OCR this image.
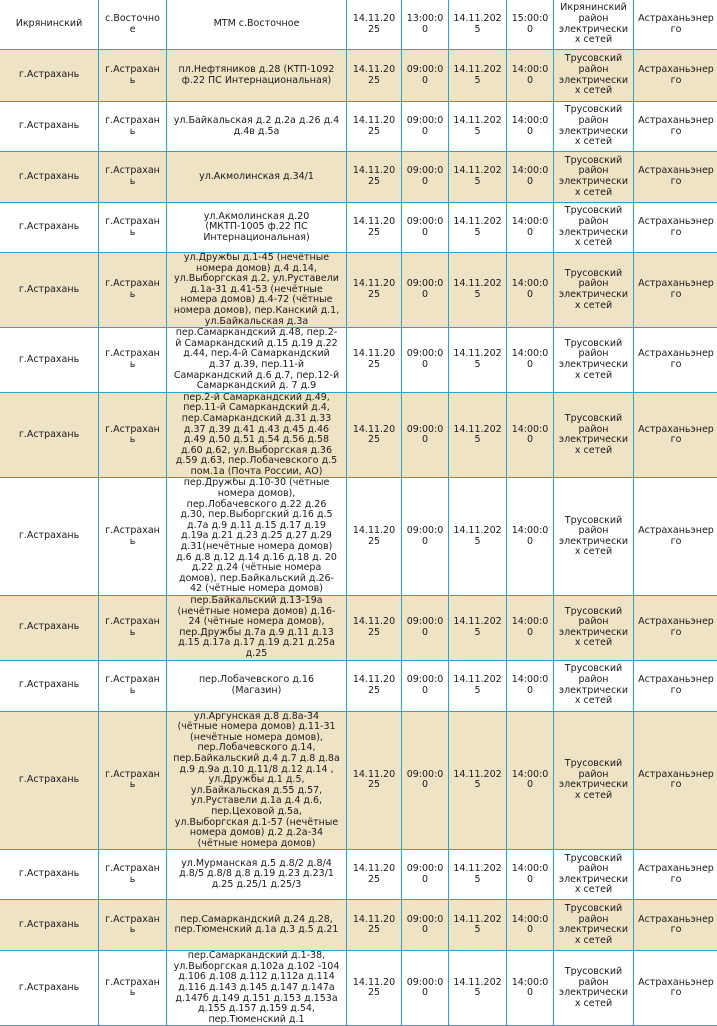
Икрянинский	с.Восточное	МТМ с.Восточное	14.11.2025	13:00:00	14.11.2025	15:00:00	Икрянинский район электрических сетей	Астраханьэнерго
г.Астрахань	г.Астрахань	пл.Нефтяников д.28 (КТП-1092 ф.22 ПС Интернациональная)	14.11.2025	09:00:00	14.11.2025	14:00:00	Трусовский район электрических сетей	Астраханьэнерго
г.Астрахань	г.Астрахань	ул.Байкальская д.2 д.2а д.26 д.4 д.4в д.5а	14.11.2025	09:00:00	14.11.2025	14:00:00	Трусовский район электрических сетей	Астраханьэнерго
г.Астрахань	г.Астрахань	ул.Акмолинская д.34/1	14.11.2025	09:00:00	14.11.2025	14:00:00	Трусовский район электрических сетей	Астраханьэнерго
г.Астрахань	г.Астрахань	ул.Акмолинская д.20 (МКТП-1005 ф.22 ПС Интернациональная)	14.11.2025	09:00:00	14.11.2025	14:00:00	Трусовский район электрических сетей	Астраханьэнерго
г.Астрахань	г.Астрахань	ул.Дружбы д.1-45 (нечётные номера домов) д.4 д.14, ул.Выборгская д.2, ул.Руставели д.1а-31 д.41-53 (нечётные номера домов) д.4-72 (чётные номера домов), пер.Канский д.1, ул.Байкальская д.3а	14.11.2025	09:00:00	14.11.2025	14:00:00	Трусовский район электрических сетей	Астраханьэнерго
г.Астрахань	г.Астрахань	пер.Самаркандский д.48, пер.2-й Самаркандский д.15 д.19 д.22 д.44, пер.4-й Самаркандский д.37 д.39, пер.11-й Самаркандский д.6 д.7, пер.12-й Самаркандский д. 7 д.9	14.11.2025	09:00:00	14.11.2025	14:00:00	Трусовский район электрических сетей	Астраханьэнерго
г.Астрахань	г.Астрахань	пер.2-й Самаркандский д.49, пер.11-й Самаркандский д.4, пер.Самаркандский д.31 д.33 д.37 д.39 д.41 д.43 д.45 д.46 д.49 д.50 д.51 д.54 д.56 д.58 д.60 д.62, ул.Выборгская д.36 д.59 д.63, пер.Лобачевского д.5 пом.1а (Почта России, АО)	14.11.2025	09:00:00	14.11.2025	14:00:00	Трусовский район электрических сетей	Астраханьэнерго
г.Астрахань	г.Астрахань	пер.Дружбы д.10-30 (чётные номера домов), пер.Лобачевского д.22 д.26 д.30, пер.Выборгский д.16 д.5 д.7а д.9 д.11 д.15 д.17 д.19 д.19а д.21 д.23 д.25 д.27 д.29 д.31(нечётные номера домов) д.6 д.8 д.12 д.14 д.16 д.18 д. 20 д.22 д.24 (чётные номера домов), пер.Байкальский д.26-42 (чётные номера домов)	14.11.2025	09:00:00	14.11.2025	14:00:00	Трусовский район электрических сетей	Астраханьэнерго
г.Астрахань	г.Астрахань	пер.Байкальский д.13-19а (нечётные номера домов) д.16-24 (чётные номера домов), пер.Дружбы д.7а д.9 д.11 д.13 д.15 д.17а д.17 д.19 д.21 д.25а д.25	14.11.2025	09:00:00	14.11.2025	14:00:00	Трусовский район электрических сетей	Астраханьэнерго
г.Астрахань	г.Астрахань	пер.Лобачевского д.16 (Магазин)	14.11.2025	09:00:00	14.11.2025	14:00:00	Трусовский район электрических сетей	Астраханьэнерго
г.Астрахань	г.Астрахань	ул.Аргунская д.8 д.8а-34 (чётные номера домов) д.11-31 (нечётные номера домов), пер.Лобачевского д.14, пер.Байкальский д.4 д.7 д.8 д.8а д.9 д.9а д.10 д.11/8 д.12 д.14 , ул.Дружбы д.1 д.5, ул.Байкальская д.55 д.57, ул.Руставели д.1а д.4 д.6, пер.Цеховой д.5а, ул.Выборгская д.1-57 (нечётные номера домов) д.2 д.2а-34 (чётные номера домов)	14.11.2025	09:00:00	14.11.2025	14:00:00	Трусовский район электрических сетей	Астраханьэнерго
г.Астрахань	г.Астрахань	ул.Мурманская д.5 д.8/2 д.8/4 д.8/5 д.8/8 д.8 д.19 д.23 д.23/1 д.25 д.25/1 д.25/3	14.11.2025	09:00:00	14.11.2025	14:00:00	Трусовский район электрических сетей	Астраханьэнерго
г.Астрахань	г.Астрахань	пер.Самаркандский д.24 д.28, пер.Тюменский д.1а д.3 д.5 д.21	14.11.2025	09:00:00	14.11.2025	14:00:00	Трусовский район электрических сетей	Астраханьэнерго
г.Астрахань	г.Астрахань	пер.Самаркандский д.1-38, ул.Выборгская д.102а д.102 -104 д.106 д.108 д.112 д.112а д.114 д.116 д.143 д.145 д.147 д.147а д.147б д.149 д.151 д.153 д.153а д.155 д.157 д.159 д.54, пер.Тюменский д.1	14.11.2025	09:00:00	14.11.2025	14:00:00	Трусовский район электрических сетей	Астраханьэнерго
